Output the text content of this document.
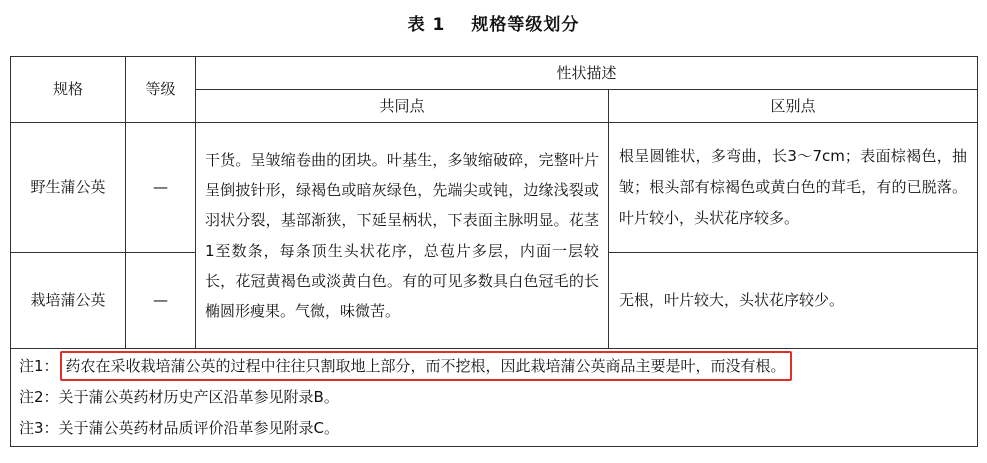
表 1 规格等级划分
规格	等级	性状描述	
		共同点	区别点
野生蒲公英	—	干货。呈皱缩卷曲的团块。叶基生，多皱缩破碎，完整叶片呈倒披针形，绿褐色或暗灰绿色，先端尖或钝，边缘浅裂或羽状分裂，基部渐狭，下延呈柄状，下表面主脉明显。花茎1至数条，每条顶生头状花序，总苞片多层，内面一层较长，花冠黄褐色或淡黄白色。有的可见多数具白色冠毛的长椭圆形瘦果。气微，味微苦。	根呈圆锥状，多弯曲，长3～7cm；表面棕褐色，抽皱；根头部有棕褐色或黄白色的茸毛，有的已脱落。叶片较小，头状花序较多。
栽培蒲公英	—		无根，叶片较大，头状花序较少。

注1： 药农在采收栽培蒲公英的过程中往往只割取地上部分，而不挖根，因此栽培蒲公英商品主要是叶，而没有根。
注2：关于蒲公英药材历史产区沿革参见附录B。
注3：关于蒲公英药材品质评价沿革参见附录C。			
